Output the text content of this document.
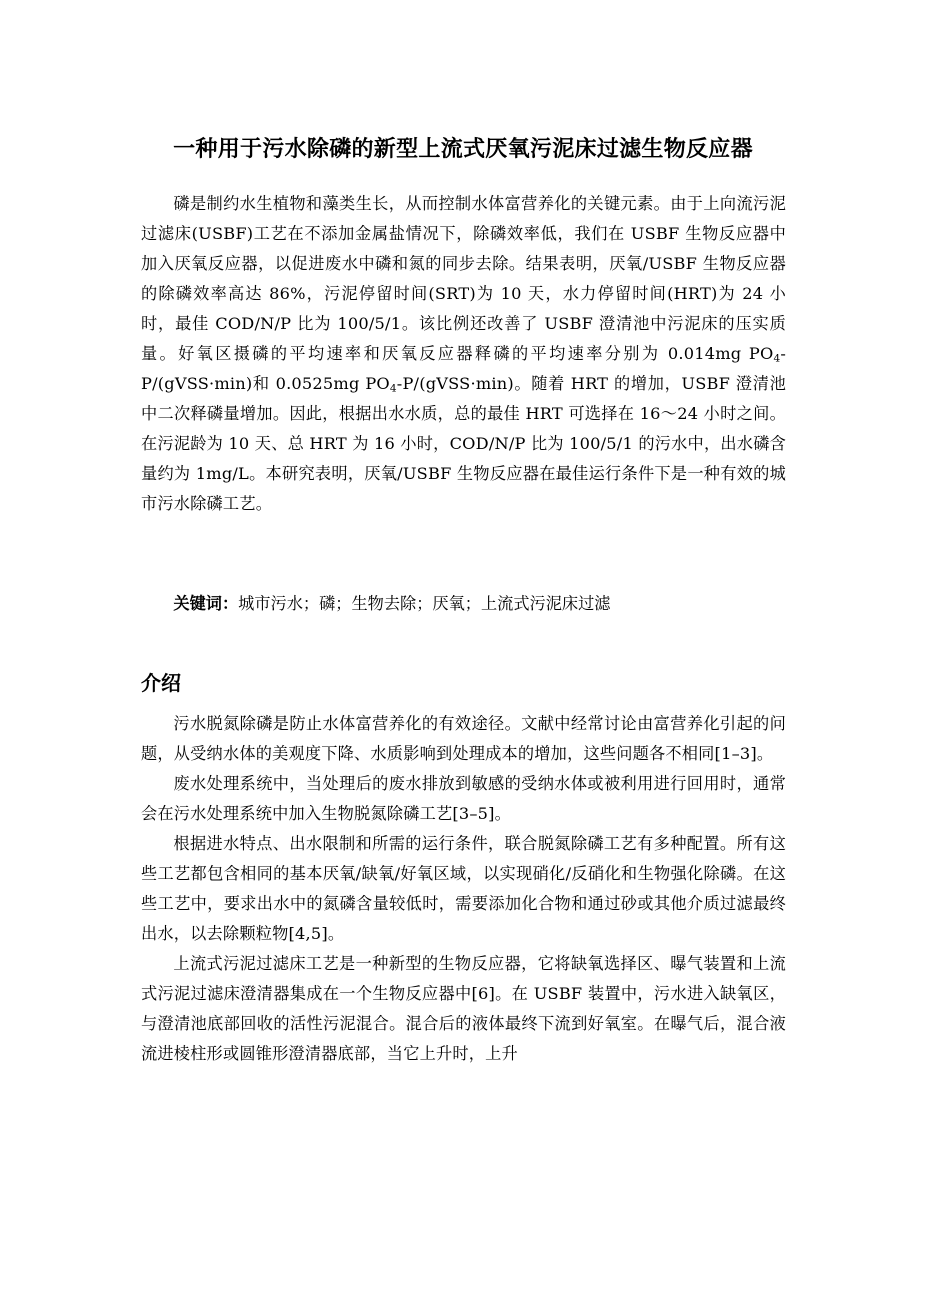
一种用于污水除磷的新型上流式厌氧污泥床过滤生物反应器

磷是制约水生植物和藻类生长，从而控制水体富营养化的关键元素。由于上向流污泥过滤床(USBF)工艺在不添加金属盐情况下，除磷效率低，我们在 USBF 生物反应器中加入厌氧反应器，以促进废水中磷和氮的同步去除。结果表明，厌氧/USBF 生物反应器的除磷效率高达 86%，污泥停留时间(SRT)为 10 天，水力停留时间(HRT)为 24 小时，最佳 COD/N/P 比为 100/5/1。该比例还改善了 USBF 澄清池中污泥床的压实质量。好氧区摄磷的平均速率和厌氧反应器释磷的平均速率分别为 0.014mg $PO_4-P/(gVSS\cdot\min)$和 0.0525mg $PO_4-P/(gVSS\cdot\min)$。随着 HRT 的增加，USBF 澄清池中二次释磷量增加。因此，根据出水水质，总的最佳 HRT 可选择在 16～24 小时之间。在污泥龄为 10 天、总 HRT 为 16 小时，COD/N/P 比为 100/5/1 的污水中，出水磷含量约为 1mg/L。本研究表明，厌氧/USBF 生物反应器在最佳运行条件下是一种有效的城市污水除磷工艺。

关键词：城市污水；磷；生物去除；厌氧；上流式污泥床过滤
介绍

污水脱氮除磷是防止水体富营养化的有效途径。文献中经常讨论由富营养化引起的问题，从受纳水体的美观度下降、水质影响到处理成本的增加，这些问题各不相同[1–3]。

废水处理系统中，当处理后的废水排放到敏感的受纳水体或被利用进行回用时，通常会在污水处理系统中加入生物脱氮除磷工艺[3–5]。

根据进水特点、出水限制和所需的运行条件，联合脱氮除磷工艺有多种配置。所有这些工艺都包含相同的基本厌氧/缺氧/好氧区域，以实现硝化/反硝化和生物强化除磷。在这些工艺中，要求出水中的氮磷含量较低时，需要添加化合物和通过砂或其他介质过滤最终出水，以去除颗粒物[4,5]。

上流式污泥过滤床工艺是一种新型的生物反应器，它将缺氧选择区、曝气装置和上流式污泥过滤床澄清器集成在一个生物反应器中[6]。在 USBF 装置中，污水进入缺氧区，与澄清池底部回收的活性污泥混合。混合后的液体最终下流到好氧室。在曝气后，混合液流进棱柱形或圆锥形澄清器底部，当它上升时，上升
